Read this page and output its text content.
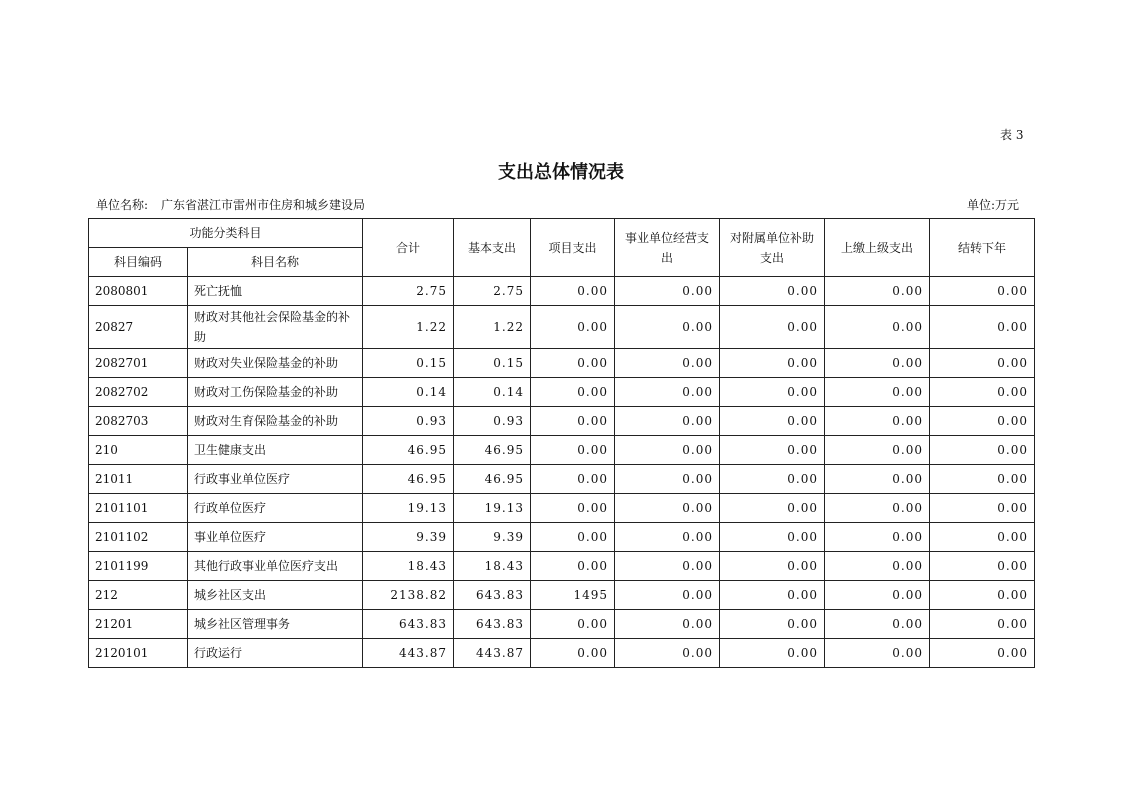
表 3
支出总体情况表
单位名称: 广东省湛江市雷州市住房和城乡建设局	单位:万元
功能分类科目		合计	基本支出	项目支出	事业单位经营支出	对附属单位补助支出	上缴上级支出	结转下年
科目编码	科目名称							
2080801	死亡抚恤	2.75	2.75	0.00	0.00	0.00	0.00	0.00
20827	财政对其他社会保险基金的补助	1.22	1.22	0.00	0.00	0.00	0.00	0.00
2082701	财政对失业保险基金的补助	0.15	0.15	0.00	0.00	0.00	0.00	0.00
2082702	财政对工伤保险基金的补助	0.14	0.14	0.00	0.00	0.00	0.00	0.00
2082703	财政对生育保险基金的补助	0.93	0.93	0.00	0.00	0.00	0.00	0.00
210	卫生健康支出	46.95	46.95	0.00	0.00	0.00	0.00	0.00
21011	行政事业单位医疗	46.95	46.95	0.00	0.00	0.00	0.00	0.00
2101101	行政单位医疗	19.13	19.13	0.00	0.00	0.00	0.00	0.00
2101102	事业单位医疗	9.39	9.39	0.00	0.00	0.00	0.00	0.00
2101199	其他行政事业单位医疗支出	18.43	18.43	0.00	0.00	0.00	0.00	0.00
212	城乡社区支出	2138.82	643.83	1495	0.00	0.00	0.00	0.00
21201	城乡社区管理事务	643.83	643.83	0.00	0.00	0.00	0.00	0.00
2120101	行政运行	443.87	443.87	0.00	0.00	0.00	0.00	0.00
